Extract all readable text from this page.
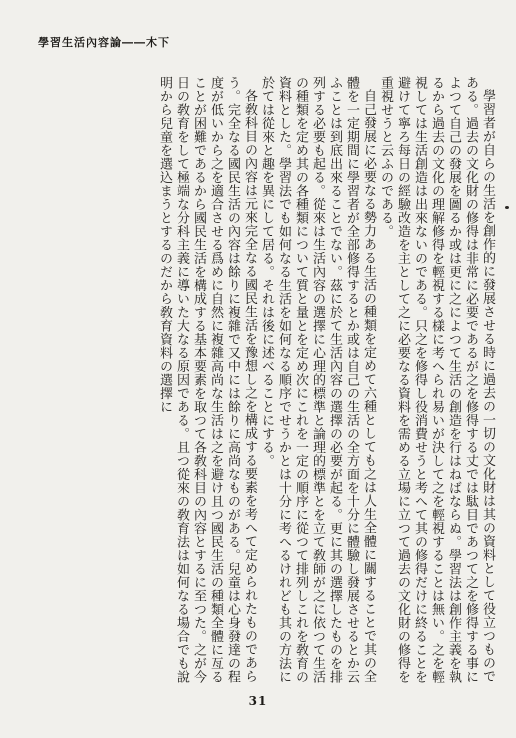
學習生活內容論――木下

學習者が自らの生活を創作的に發展させる時に過去の一切の文化財は其の資料として役立つものである。過去の文化財の修得は非常に必要であるが之を修得する丈では駄目であつて之を修得する事によつて自己の發展を圖るか或は更に之によつて生活の創造を行はねばならぬ。學習法は創作主義を執るから過去の文化の理解修得を輕視する樣に考へられ易いが決して之を輕視することは無い。之を輕視しては生活創造は出來ないのである。只之を修得し役消費せうと考へて其の修得だけに終ることを避けて寧ろ每日の經驗改造を主として之に必要なる資料を需める立場に立つて過去の文化財の修得を重視せうと云ふのである。

自己發展に必要なる勢力ある生活の種類を定めて六種としても之は人生全體に關することで其の全體を一定期間に學習者が全部修得するとか或は自己の生活の全方面を十分に體驗し發展させるとか云ふことは到底出來ることでない。茲に於て生活內容の選擇の必要が起る。更に其の選擇したものを排列する必要も起る。從來は生活內容の選擇に心理的標準と論理的標準とを立て敎師が之に依つて生活の種類を定め其の各種類について質と量とを定め次にこれを一定の順序に從つて排列しこれを敎育の資料とした。學習法でも如何なる生活を如何なる順序でせうかとは十分に考へるけれども其の方法に於ては從來と趣を異にして居る。それは後に述べることにする。

各敎科目の內容は元來完全なる國民生活を豫想し之を構成する要素を考へて定められたものであらう。完全なる國民生活の內容は餘りに複雜で又中には餘りに高尚なものがある。兒童は心身發達の程度が低いから之を適合させる爲めに自然に複雜高尚な生活は之を避け且つ國民生活の種類全體に亙ることが困難であるから國民生活を構成する基本要素を取つて各敎科目の內容とするに至つた。之が今日の敎育をして極端な分科主義に導いた大なる原因である。且つ從來の敎育法は如何なる場合でも說明から兒童を選込まうとするのだから敎育資料の選擇に

31
